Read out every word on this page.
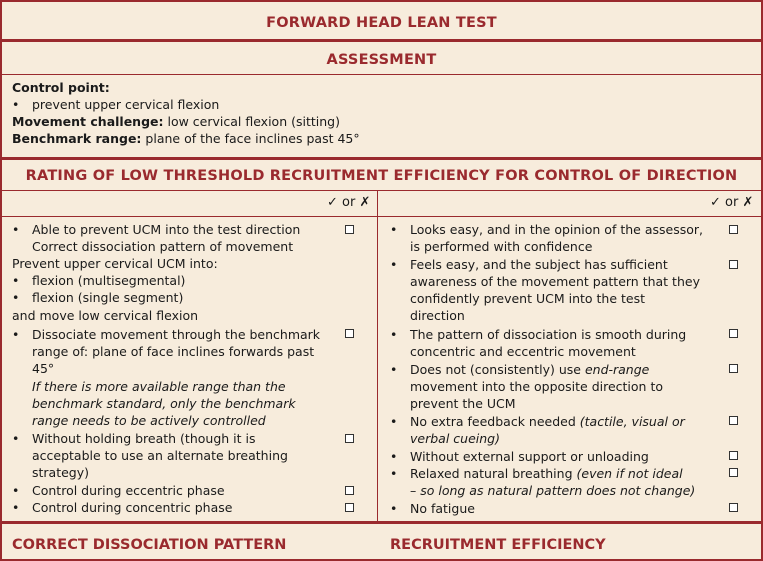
FORWARD HEAD LEAN TEST
ASSESSMENT
Control point:
• prevent upper cervical flexion
Movement challenge: low cervical flexion (sitting)
Benchmark range: plane of the face inclines past 45°
RATING OF LOW THRESHOLD RECRUITMENT EFFICIENCY FOR CONTROL OF DIRECTION
✓ or ✗	✓ or ✗
• Able to prevent UCM into the test direction
Correct dissociation pattern of movement
Prevent upper cervical UCM into:
• flexion (multisegmental)
• flexion (single segment)
and move low cervical flexion
• Dissociate movement through the benchmark
range of: plane of face inclines forwards past
45°
If there is more available range than the
benchmark standard, only the benchmark
range needs to be actively controlled
• Without holding breath (though it is
acceptable to use an alternate breathing
strategy)
• Control during eccentric phase
• Control during concentric phase
• Looks easy, and in the opinion of the assessor,
is performed with confidence
• Feels easy, and the subject has sufficient
awareness of the movement pattern that they
confidently prevent UCM into the test
direction
• The pattern of dissociation is smooth during
concentric and eccentric movement
• Does not (consistently) use end-range
movement into the opposite direction to
prevent the UCM
• No extra feedback needed (tactile, visual or
verbal cueing)
• Without external support or unloading
• Relaxed natural breathing (even if not ideal
– so long as natural pattern does not change)
• No fatigue
CORRECT DISSOCIATION PATTERN	RECRUITMENT EFFICIENCY
